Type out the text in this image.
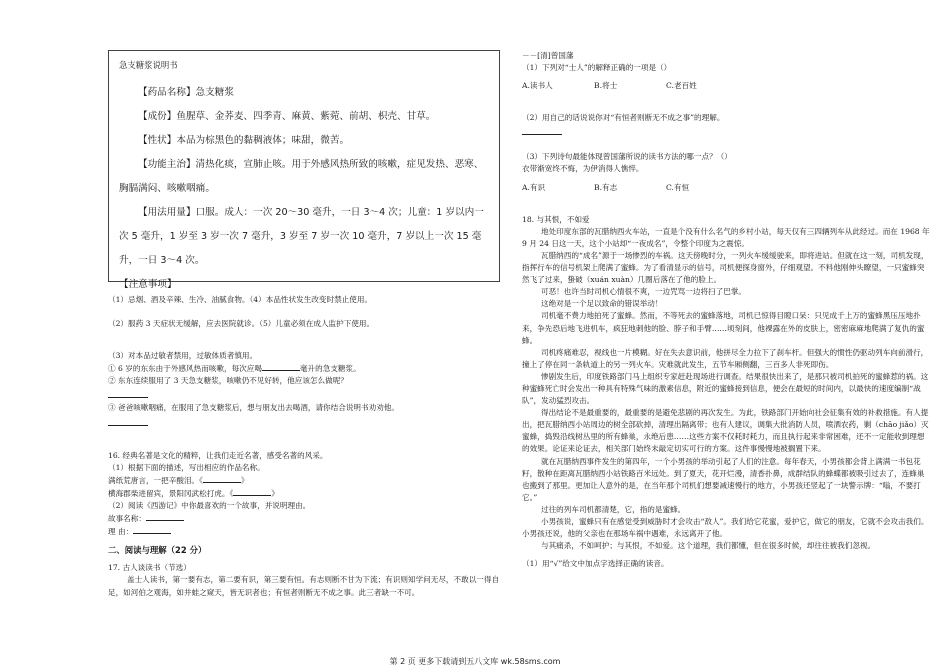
急支糖浆说明书

【药品名称】急支糖浆

【成份】鱼腥草、金荞麦、四季青、麻黄、紫菀、前胡、枳壳、甘草。

【性状】本品为棕黑色的黏稠液体；味甜，微苦。

【功能主治】清热化痰，宣肺止咳。用于外感风热所致的咳嗽，症见发热、恶寒、胸膈满闷、咳嗽咽痛。

【用法用量】口服。成人：一次 20～30 毫升，一日 3～4 次；儿童：1 岁以内一次 5 毫升，1 岁至 3 岁一次 7 毫升，3 岁至 7 岁一次 10 毫升，7 岁以上一次 15 毫升，一日 3～4 次。

【注意事项】

（1）忌烟、酒及辛辣、生冷、油腻食物。（4）本品性状发生改变时禁止使用。

（2）服药 3 天症状无缓解，应去医院就诊。（5）儿童必须在成人监护下使用。

（3）对本品过敏者禁用，过敏体质者慎用。

① 6 岁的东东由于外感风热而咳嗽，每次应喝	毫升的急支糖浆。

② 东东连续服用了 3 天急支糖浆，咳嗽仍不见好转，他应该怎么做呢？

③ 爸爸咳嗽咽痛，在服用了急支糖浆后，想与朋友出去喝酒，请你结合说明书劝劝他。

16. 经典名著是文化的精粹，让我们走近名著，感受名著的风采。

（1）根据下面的描述，写出相应的作品名称。

满纸荒唐言，一把辛酸泪。《	》

横海郡柴进留宾，景阳冈武松打虎。《	》

（2）阅读《西游记》中你最喜欢的一个故事，并说明理由。

故事名称：

理 由：

二、阅读与理解（22 分）

17. 古人谈读书（节选）

盖士人读书，第一要有志，第二要有识，第三要有恒。有志则断不甘为下流；有识则知学问无尽，不敢以一得自足，如河伯之观海，如井蛙之窥天，皆无识者也；有恒者则断无不成之事。此三者缺一不可。

－－[清]曾国藩

（1）下列对“士人”的解释正确的一项是（）

A.读书人	B.将士	C.老百姓

（2）用自己的话说说你对“有恒者则断无不成之事”的理解。

（3）下列诗句最能体现曾国藩所说的读书方法的哪一点？（）

衣带渐宽终不悔，为伊消得人憔悴。

A.有识	B.有志	C.有恒

18. 与其恨，不如爱

地处印度东部的瓦腊纳西火车站，一直是个没有什么名气的乡村小站，每天仅有三四辆列车从此经过。而在 1968 年 9 月 24 日这一天，这个小站却“一夜成名”，令整个印度为之震惊。

瓦腊纳西的“成名”源于一场惨烈的车祸。这天傍晚时分，一列火车缓缓驶来，即将进站。但就在这一刻，司机发现，指挥行车的信号机架上爬满了蜜蜂。为了看清显示的信号，司机便探身窗外，仔细观望。不料他刚伸头瞭望，一只蜜蜂突然飞了过来，蛰破（xuán xuàn）几圈后落在了他的脸上。

可恶！也许当时司机心情很不爽，一边咒骂一边将扫了巴掌。

这绝对是一个足以致命的错误举动！

司机毫不费力地拍死了蜜蜂。然而，不等死去的蜜蜂落地，司机已惊得目瞪口呆：只见成千上万的蜜蜂黑压压地扑来，争先恐后地飞进机车，疯狂地刺他的脸、脖子和手臂……顷刻间，他裸露在外的皮肤上，密密麻麻地爬满了复仇的蜜蜂。

司机疼痛难忍，视线也一片模糊。好在失去意识前，他拼尽全力拉下了刹车杆。但强大的惯性仍驱动列车向前滑行，撞上了停在同一条轨道上的另一列火车。灾难就此发生，五节车厢侧翻，三百多人非死即伤。

惨剧发生后，印度铁路部门马上组织专家赶赴现场进行调查。结果很快出来了，是那只被司机拍死的蜜蜂惹的祸。这种蜜蜂死亡时会发出一种具有特殊气味的激素信息，附近的蜜蜂接到信息，便会在最短的时间内，以最快的速度编制“战队”，发动猛烈攻击。

得出结论不是最重要的，最重要的是避免悲剧的再次发生。为此，铁路部门开始向社会征集有效的补救措施。有人提出，把瓦腊纳西小站周边的树全部砍掉，清理出隔离带；也有人建议，调集大批消防人员，喷洒农药，剿（chāo jiǎo）灭蜜蜂，捣毁沿线树丛里的所有蜂巢，永绝后患……这些方案不仅耗时耗力，而且执行起来非常困难，还不一定能收到理想的效果。论证来论证去，相关部门始终未敲定切实可行的方案。这件事慢慢地被搁置下来。

就在瓦腊纳西事件发生的第四年，一个小男孩的举动引起了人们的注意。每年春天，小男孩都会背上满满一书包花籽，散种在距离瓦腊纳西小站铁路百米远处。到了夏天，花开烂漫，清香扑鼻，成群结队的蜂蝶都被吸引过去了，连蜂巢也搬到了那里。更加让人意外的是，在当年那个司机们想要减速慢行的地方，小男孩还竖起了一块警示牌：“嗡，不要打它。”

过往的列车司机都清楚，它，指的是蜜蜂。

小男孩说，蜜蜂只有在感觉受到威胁时才会攻击“敌人”。我们给它花蜜，爱护它，做它的朋友，它就不会攻击我们。小男孩还说，他的父亲也在那场车祸中遇难，永远离开了他。

与其痛杀，不如呵护；与其恨，不如爱。这个道理，我们都懂，但在很多时候，却往往被我们忽视。

（1）用“√”给文中加点字选择正确的读音。

第 2 页 更多下载请到五八文库 wk.58sms.com
